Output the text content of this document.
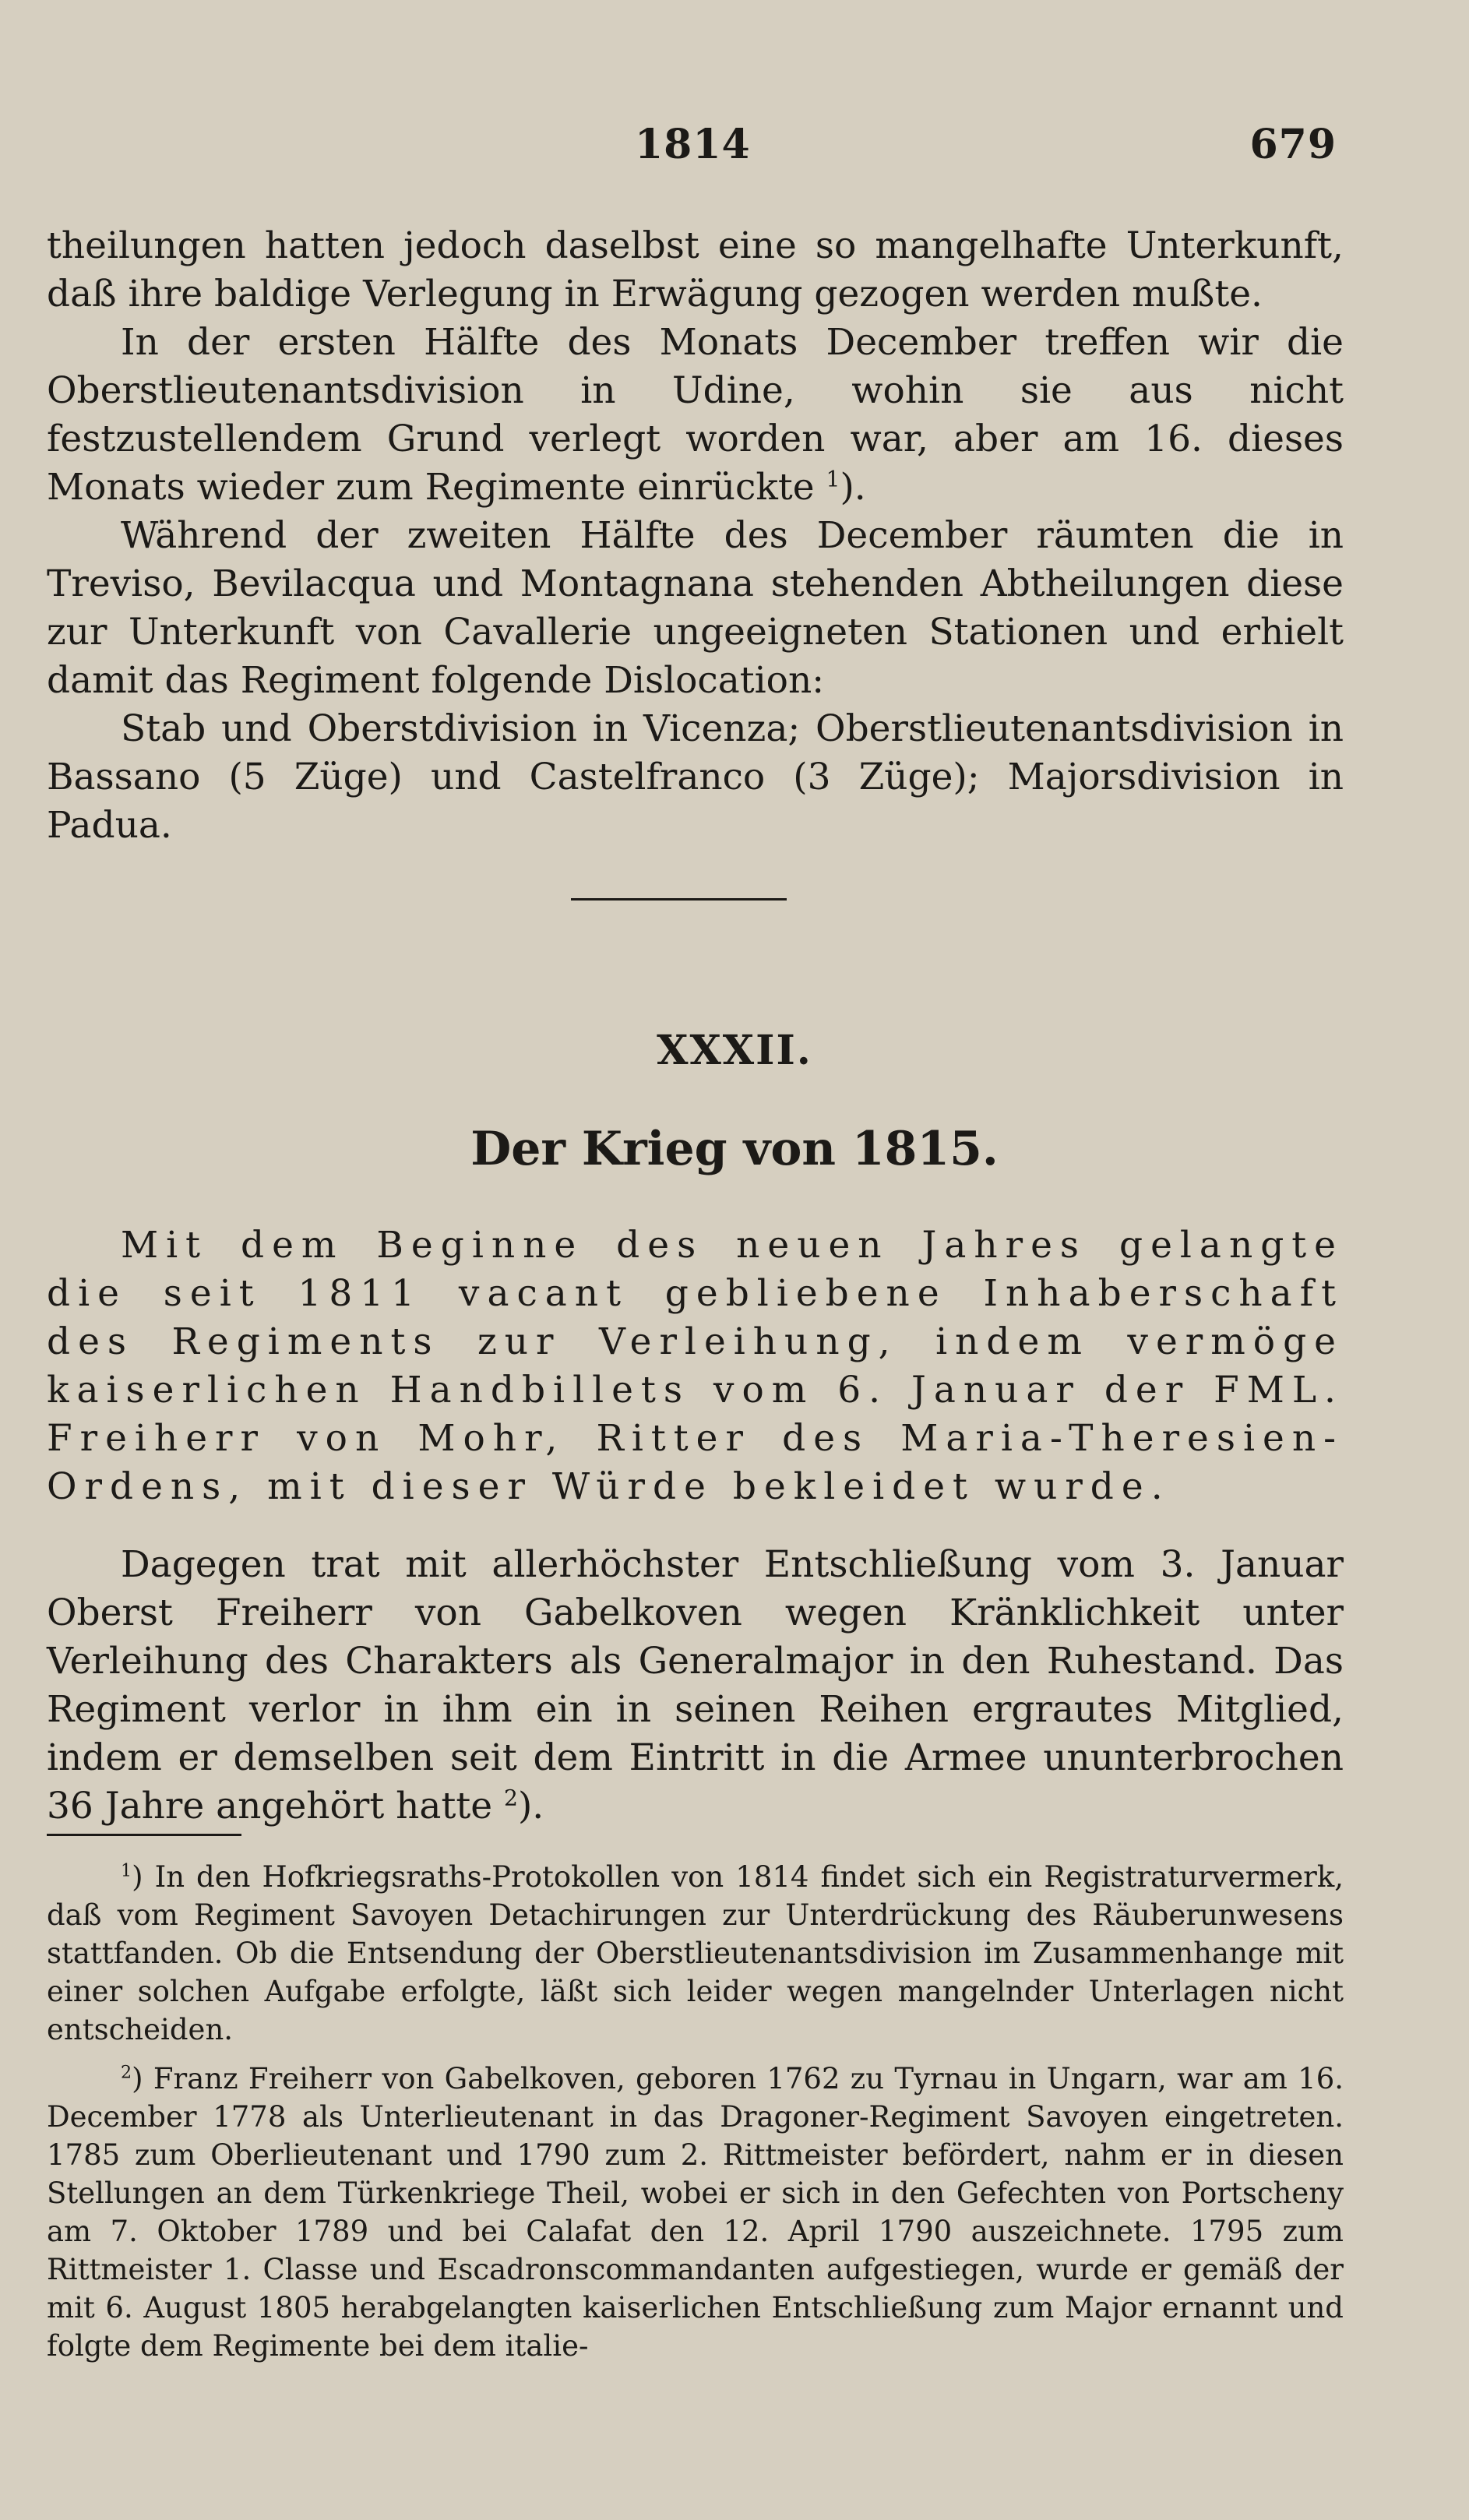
1814	679

theilungen hatten jedoch daselbst eine so mangelhafte Unterkunft, daß ihre baldige Verlegung in Erwägung gezogen werden mußte.

In der ersten Hälfte des Monats December treffen wir die Oberstlieutenantsdivision in Udine, wohin sie aus nicht festzustellendem Grund verlegt worden war, aber am 16. dieses Monats wieder zum Regimente einrückte $^1$).

Während der zweiten Hälfte des December räumten die in Treviso, Bevilacqua und Montagnana stehenden Abtheilungen diese zur Unterkunft von Cavallerie ungeeigneten Stationen und erhielt damit das Regiment folgende Dislocation:

Stab und Oberstdivision in Vicenza; Oberstlieutenantsdivision in Bassano (5 Züge) und Castelfranco (3 Züge); Majorsdivision in Padua.

XXXII.
Der Krieg von 1815.

Mit dem Beginne des neuen Jahres gelangte die seit 1811 vacant gebliebene Inhaberschaft des Regiments zur Verleihung, indem vermöge kaiserlichen Handbillets vom 6. Januar der FML. Freiherr von Mohr, Ritter des Maria-Theresien-Ordens, mit dieser Würde bekleidet wurde.

Dagegen trat mit allerhöchster Entschließung vom 3. Januar Oberst Freiherr von Gabelkoven wegen Kränklichkeit unter Verleihung des Charakters als Generalmajor in den Ruhestand. Das Regiment verlor in ihm ein in seinen Reihen ergrautes Mitglied, indem er demselben seit dem Eintritt in die Armee ununterbrochen 36 Jahre angehört hatte $^2$).

$^1$) In den Hofkriegsraths-Protokollen von 1814 findet sich ein Registraturvermerk, daß vom Regiment Savoyen Detachirungen zur Unterdrückung des Räuberunwesens stattfanden. Ob die Entsendung der Oberstlieutenantsdivision im Zusammenhange mit einer solchen Aufgabe erfolgte, läßt sich leider wegen mangelnder Unterlagen nicht entscheiden.

$^2$) Franz Freiherr von Gabelkoven, geboren 1762 zu Tyrnau in Ungarn, war am 16. December 1778 als Unterlieutenant in das Dragoner-Regiment Savoyen eingetreten. 1785 zum Oberlieutenant und 1790 zum 2. Rittmeister befördert, nahm er in diesen Stellungen an dem Türkenkriege Theil, wobei er sich in den Gefechten von Portscheny am 7. Oktober 1789 und bei Calafat den 12. April 1790 auszeichnete. 1795 zum Rittmeister 1. Classe und Escadronscommandanten aufgestiegen, wurde er gemäß der mit 6. August 1805 herabgelangten kaiserlichen Entschließung zum Major ernannt und folgte dem Regimente bei dem italie-
